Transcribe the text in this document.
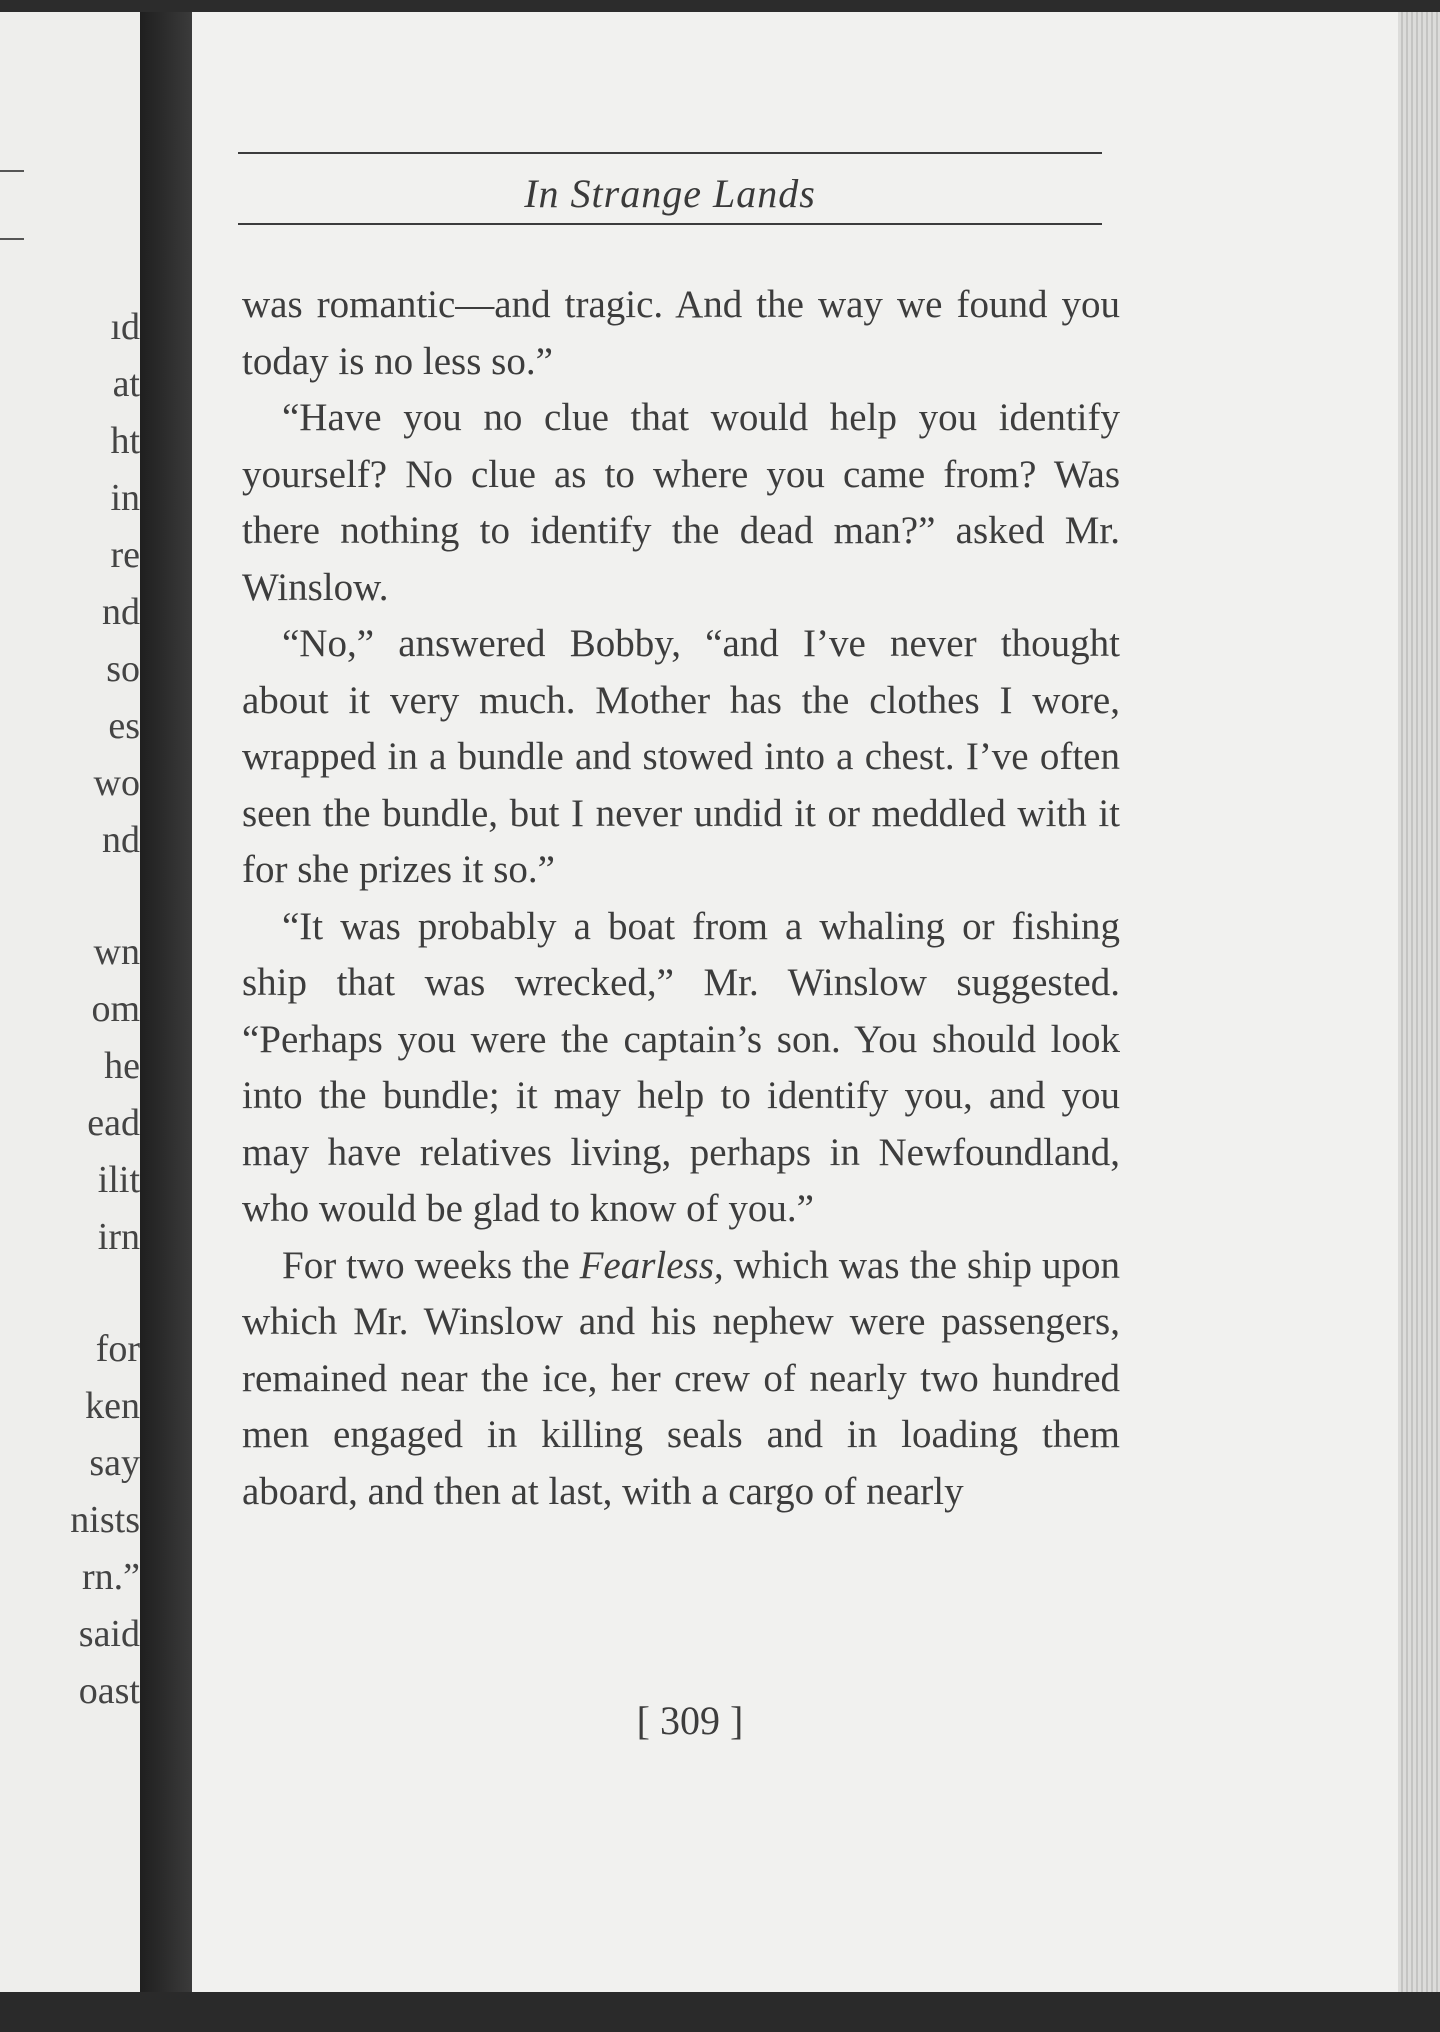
ıd
at
ht
in
re
nd
so
es
wo
nd
wn
om
he
ead
ilit
irn
for
ken
say
nists
rn.”
said
oast
In Strange Lands

was romantic—and tragic. And the way we found you today is no less so.”

“Have you no clue that would help you identify yourself? No clue as to where you came from? Was there nothing to identify the dead man?” asked Mr. Winslow.

“No,” answered Bobby, “and I’ve never thought about it very much. Mother has the clothes I wore, wrapped in a bundle and stowed into a chest. I’ve often seen the bundle, but I never undid it or meddled with it for she prizes it so.”

“It was probably a boat from a whaling or fishing ship that was wrecked,” Mr. Winslow suggested. “Perhaps you were the captain’s son. You should look into the bundle; it may help to identify you, and you may have relatives living, perhaps in Newfoundland, who would be glad to know of you.”

For two weeks the Fearless, which was the ship upon which Mr. Winslow and his nephew were passengers, remained near the ice, her crew of nearly two hundred men engaged in killing seals and in loading them aboard, and then at last, with a cargo of nearly

[ 309 ]
